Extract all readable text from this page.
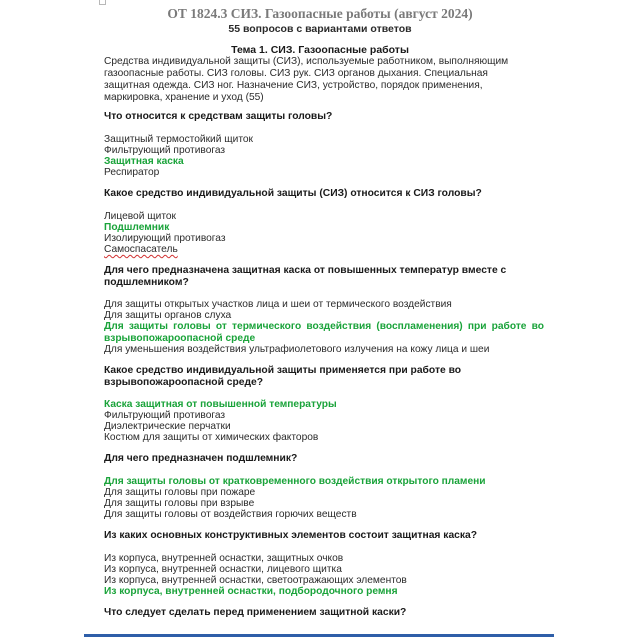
ОТ 1824.3 СИЗ. Газоопасные работы (август 2024)
55 вопросов с вариантами ответов
Тема 1. СИЗ. Газоопасные работы
Средства индивидуальной защиты (СИЗ), используемые работником, выполняющим газоопасные работы. СИЗ головы. СИЗ рук. СИЗ органов дыхания. Специальная защитная одежда. СИЗ ног. Назначение СИЗ, устройство, порядок применения, маркировка, хранение и уход (55)
Что относится к средствам защиты головы?
Защитный термостойкий щиток
Фильтрующий противогаз
Защитная каска
Респиратор
Какое средство индивидуальной защиты (СИЗ) относится к СИЗ головы?
Лицевой щиток
Подшлемник
Изолирующий противогаз
Самоспасатель
Для чего предназначена защитная каска от повышенных температур вместе с подшлемником?
Для защиты открытых участков лица и шеи от термического воздействия
Для защиты органов слуха
Для защиты головы от термического воздействия (воспламенения) при работе во взрывопожароопасной среде
Для уменьшения воздействия ультрафиолетового излучения на кожу лица и шеи
Какое средство индивидуальной защиты применяется при работе во взрывопожароопасной среде?
Каска защитная от повышенной температуры
Фильтрующий противогаз
Диэлектрические перчатки
Костюм для защиты от химических факторов
Для чего предназначен подшлемник?
Для защиты головы от кратковременного воздействия открытого пламени
Для защиты головы при пожаре
Для защиты головы при взрыве
Для защиты головы от воздействия горючих веществ
Из каких основных конструктивных элементов состоит защитная каска?
Из корпуса, внутренней оснастки, защитных очков
Из корпуса, внутренней оснастки, лицевого щитка
Из корпуса, внутренней оснастки, светоотражающих элементов
Из корпуса, внутренней оснастки, подбородочного ремня
Что следует сделать перед применением защитной каски?
